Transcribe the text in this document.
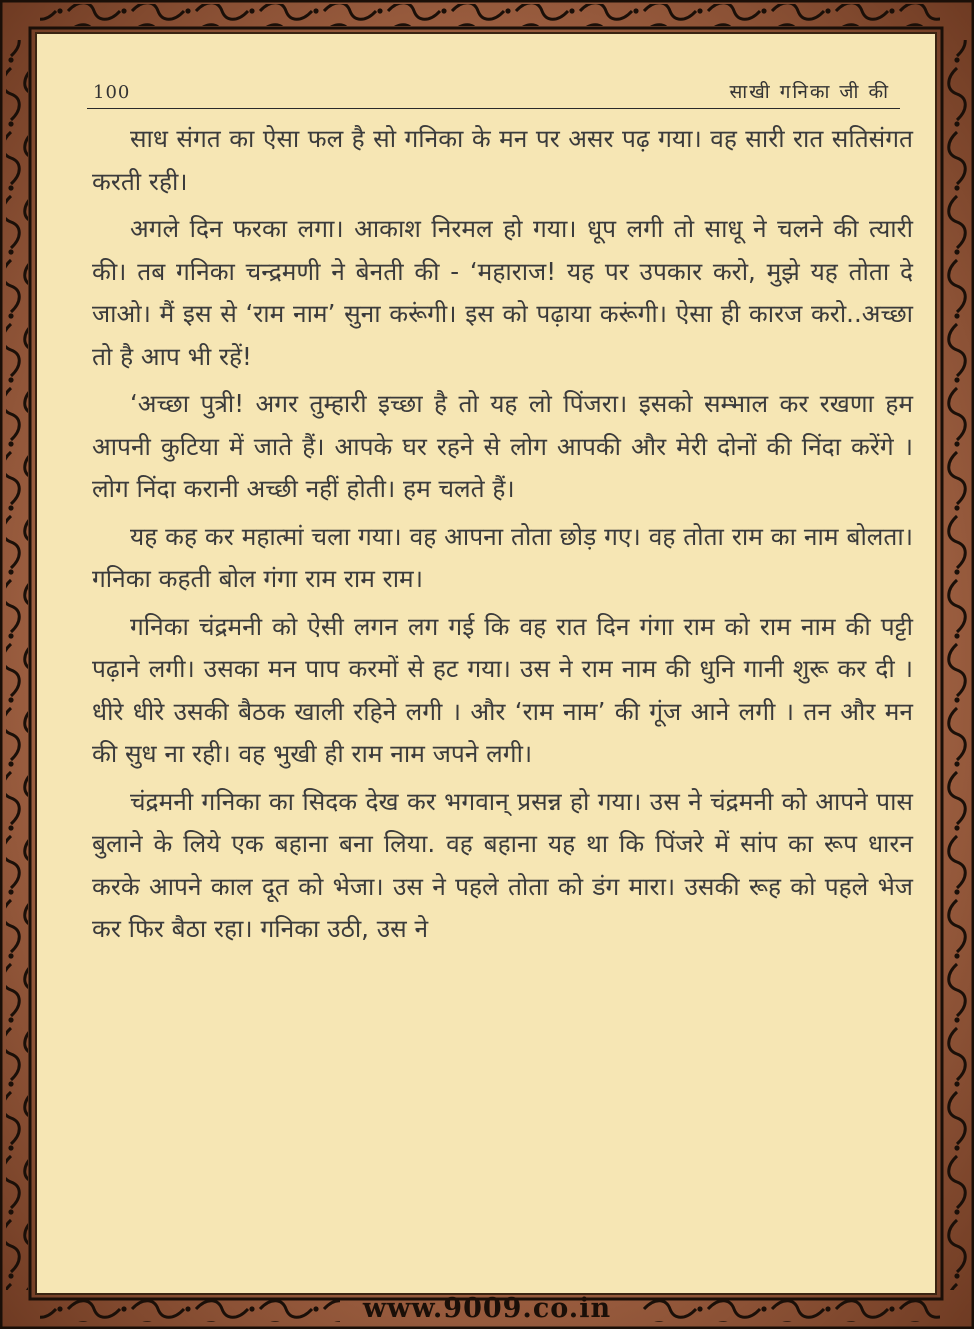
100	साखी गनिका जी की

साध संगत का ऐसा फल है सो गनिका के मन पर असर पढ़ गया। वह सारी रात सतिसंगत करती रही।

अगले दिन फरका लगा। आकाश निरमल हो गया। धूप लगी तो साधू ने चलने की त्यारी की। तब गनिका चन्द्रमणी ने बेनती की - ‘महाराज! यह पर उपकार करो, मुझे यह तोता दे जाओ। मैं इस से ‘राम नाम’ सुना करूंगी। इस को पढ़ाया करूंगी। ऐसा ही कारज करो..अच्छा तो है आप भी रहें!

‘अच्छा पुत्री! अगर तुम्हारी इच्छा है तो यह लो पिंजरा। इसको सम्भाल कर रखणा हम आपनी कुटिया में जाते हैं। आपके घर रहने से लोग आपकी और मेरी दोनों की निंदा करेंगे । लोग निंदा करानी अच्छी नहीं होती। हम चलते हैं।

यह कह कर महात्मां चला गया। वह आपना तोता छोड़ गए। वह तोता राम का नाम बोलता। गनिका कहती बोल गंगा राम राम राम।

गनिका चंद्रमनी को ऐसी लगन लग गई कि वह रात दिन गंगा राम को राम नाम की पट्टी पढ़ाने लगी। उसका मन पाप करमों से हट गया। उस ने राम नाम की धुनि गानी शुरू कर दी । धीरे धीरे उसकी बैठक खाली रहिने लगी । और ‘राम नाम’ की गूंज आने लगी । तन और मन की सुध ना रही। वह भुखी ही राम नाम जपने लगी।

चंद्रमनी गनिका का सिदक देख कर भगवान् प्रसन्न हो गया। उस ने चंद्रमनी को आपने पास बुलाने के लिये एक बहाना बना लिया. वह बहाना यह था कि पिंजरे में सांप का रूप धारन करके आपने काल दूत को भेजा। उस ने पहले तोता को डंग मारा। उसकी रूह को पहले भेज कर फिर बैठा रहा। गनिका उठी, उस ने

www.9009.co.in
